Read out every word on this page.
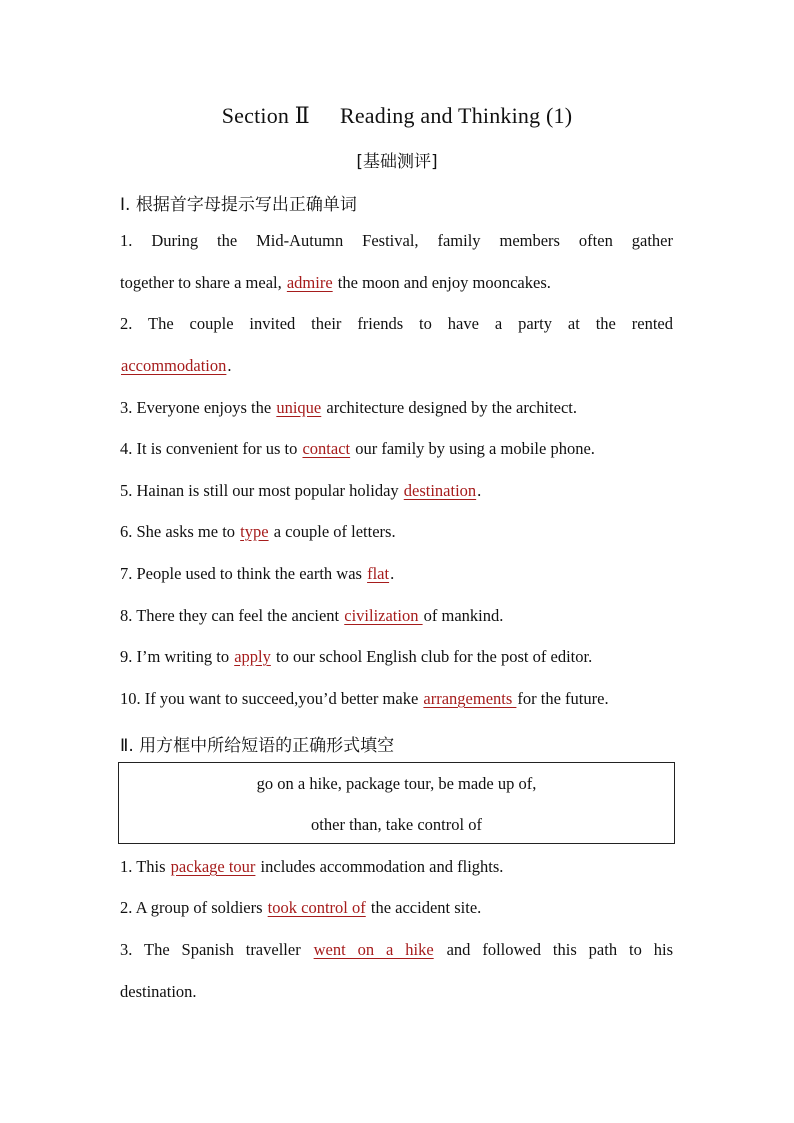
Section Ⅱ Reading and Thinking (1)
[基础测评]
Ⅰ. 根据首字母提示写出正确单词
1. During the Mid-Autumn Festival, family members often gather
together to share a meal, admire the moon and enjoy mooncakes.
2. The couple invited their friends to have a party at the rented
accommodation.
3. Everyone enjoys the unique architecture designed by the architect.
4. It is convenient for us to contact our family by using a mobile phone.
5. Hainan is still our most popular holiday destination.
6. She asks me to type a couple of letters.
7. People used to think the earth was flat.
8. There they can feel the ancient civilization of mankind.
9. I’m writing to apply to our school English club for the post of editor.
10. If you want to succeed,you’d better make arrangements for the future.
Ⅱ. 用方框中所给短语的正确形式填空
go on a hike, package tour, be made up of,
other than, take control of
1. This package tour includes accommodation and flights.
2. A group of soldiers took control of the accident site.
3. The Spanish traveller went on a hike and followed this path to his
destination.
